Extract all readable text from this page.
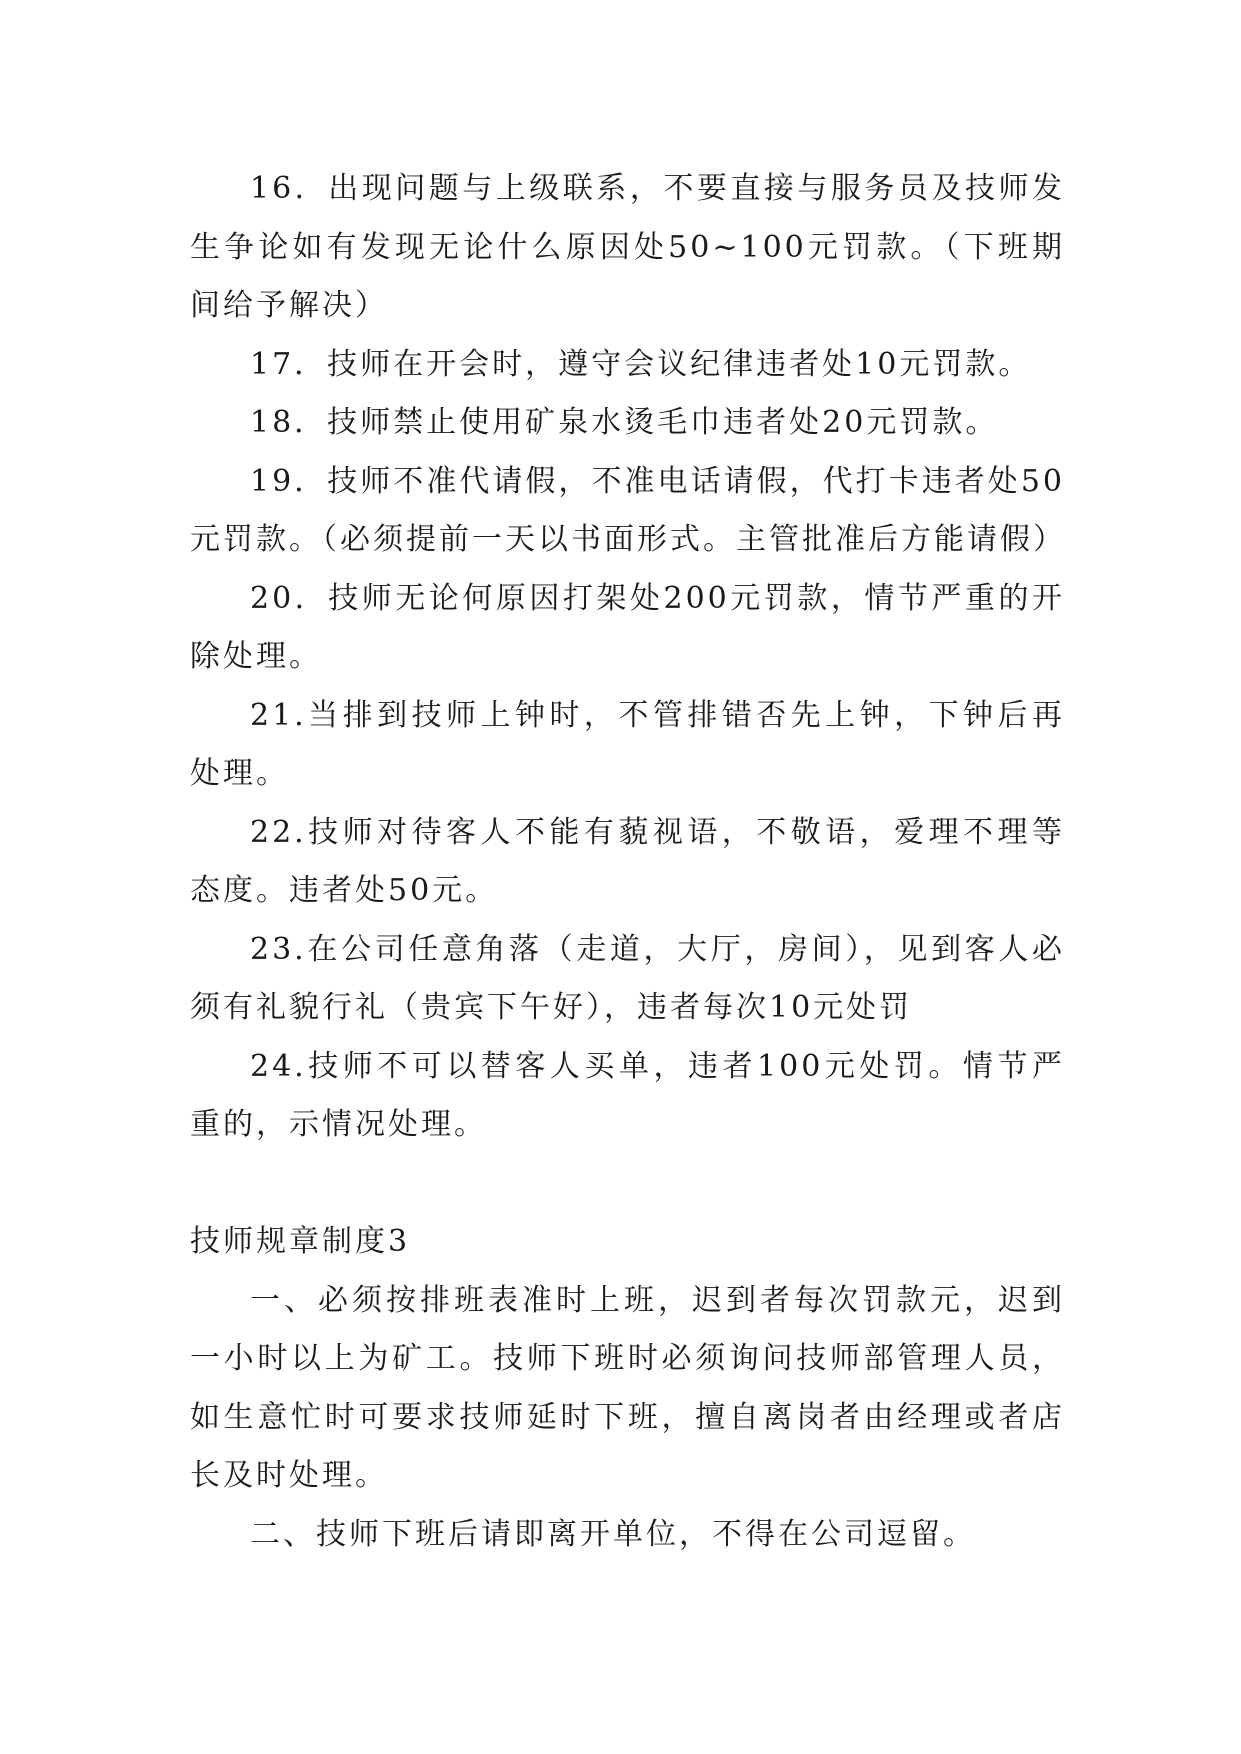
16．出现问题与上级联系，不要直接与服务员及技师发生争论如有发现无论什么原因处50~100元罚款。（下班期间给予解决）

17．技师在开会时，遵守会议纪律违者处10元罚款。

18．技师禁止使用矿泉水烫毛巾违者处20元罚款。

19．技师不准代请假，不准电话请假，代打卡违者处50元罚款。（必须提前一天以书面形式。主管批准后方能请假）

20．技师无论何原因打架处200元罚款，情节严重的开除处理。

21.当排到技师上钟时，不管排错否先上钟，下钟后再处理。

22.技师对待客人不能有藐视语，不敬语，爱理不理等态度。违者处50元。

23.在公司任意角落（走道，大厅，房间），见到客人必须有礼貌行礼（贵宾下午好），违者每次10元处罚

24.技师不可以替客人买单，违者100元处罚。情节严重的，示情况处理。

技师规章制度3

一、必须按排班表准时上班，迟到者每次罚款元，迟到一小时以上为矿工。技师下班时必须询问技师部管理人员，如生意忙时可要求技师延时下班，擅自离岗者由经理或者店长及时处理。

二、技师下班后请即离开单位，不得在公司逗留。
